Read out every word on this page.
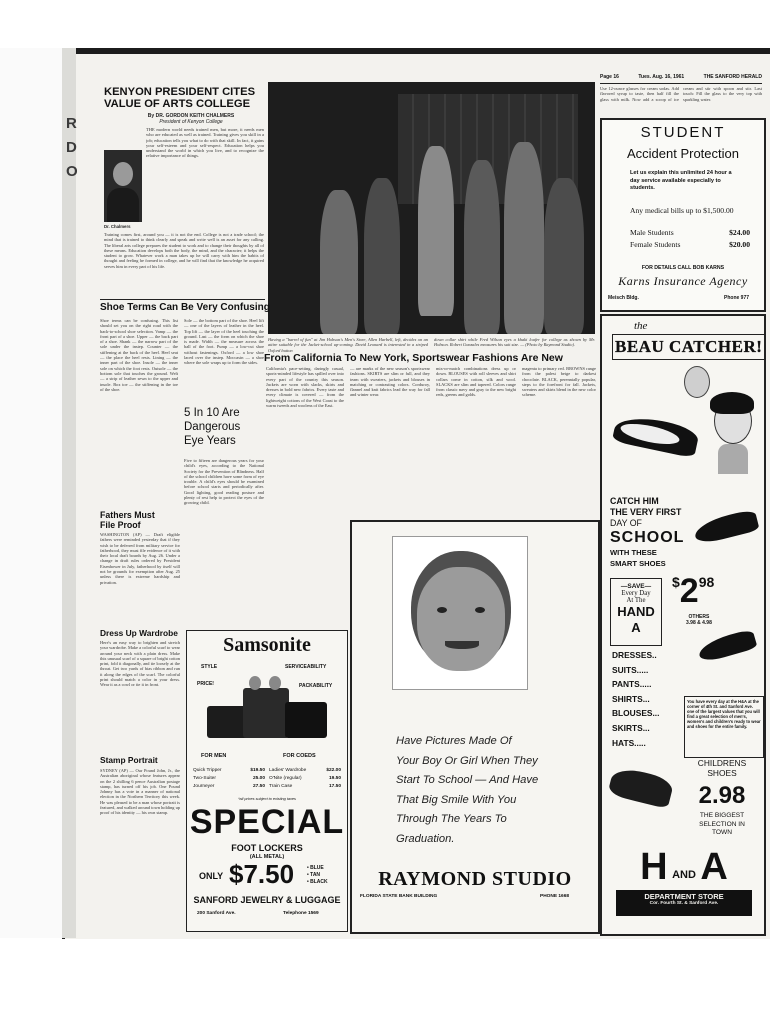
R
D
O
Page 16	Tues. Aug. 16, 1961	THE SANFORD HERALD
Use 12-ounce glasses for cream sodas. Add flavored syrup to taste, then half fill the glass with milk. Now add a scoop of ice cream and stir with spoon and stir. Last touch: Fill the glass to the very top with sparkling water.
KENYON PRESIDENT CITES
VALUE OF ARTS COLLEGE
By DR. GORDON KEITH CHALMERS
President of Kenyon College
Dr. Chalmers
THE modern world needs trained men, but more, it needs men who are educated as well as trained. Training gives you skill in a job; education tells you what to do with that skill. In fact, it gains your self-esteem and your self-respect. Education helps you understand the world in which you live, and to recognize the relative importance of things.
Training comes first, around you — it is not the end. College is not a trade school; the mind that is trained to think clearly and speak and write well is an asset for any calling. The liberal arts college prepares the student to work and to change their thoughts by all of these means. Education develops both the body, the mind, and the character; it helps the student to grow. Whatever work a man takes up he will carry with him the habits of thought and feeling he formed in college, and he will find that the knowledge he acquired serves him in every part of his life.
Having a "barrel of fun" at Jim Hobson's Men's Store, Allen Harbell, left, decides on an attire suitable for the Jacket-school up-coming. David Leonard is interested in a striped Oxford button
down collar shirt while Fred Wilson eyes a khaki loafer for college as shown by Mr. Hobson. Robert Gonzales measures his suit size. — (Photo by Raymond Studio).
Shoe Terms Can Be Very Confusing
Shoe terms can be confusing. This list should set you on the right road with the back-to-school shoe selection. Vamp — the front part of a shoe. Upper — the back part of a shoe. Shank — the narrow part of the sole under the instep. Counter — the stiffening at the back of the heel. Heel seat — the place the heel rests. Lining — the inner part of the shoe. Insole — the inner sole on which the foot rests. Outsole — the bottom sole that touches the ground. Welt — a strip of leather sewn to the upper and insole. Box toe — the stiffening in the toe of the shoe.
Sole — the bottom part of the shoe. Heel lift — one of the layers of leather in the heel. Top lift — the layer of the heel touching the ground. Last — the form on which the shoe is made. Width — the measure across the ball of the foot. Pump — a low-cut shoe without fastenings. Oxford — a low shoe laced over the instep. Moccasin — a shoe where the sole wraps up to form the sides.
5 In 10 Are
Dangerous
Eye Years
Five to fifteen are dangerous years for your child's eyes, according to the National Society for the Prevention of Blindness. Half of the school children have some form of eye trouble. A child's eyes should be examined before school starts and periodically after. Good lighting, good reading posture and plenty of rest help to protect the eyes of the growing child.
Fathers Must
File Proof
WASHINGTON (AP) — Draft eligible fathers were reminded yesterday that if they wish to be deferred from military service for fatherhood, they must file evidence of it with their local draft boards by Aug. 26. Under a change in draft rules ordered by President Eisenhower in July, fatherhood by itself will not be grounds for exemption after Aug. 25 unless there is extreme hardship and privation.
Dress Up Wardrobe
Here's an easy way to brighten and stretch your wardrobe. Make a colorful scarf to wear around your neck with a plain dress. Make this unusual scarf of a square of bright cotton print, fold it diagonally, and tie loosely at the throat. Get two yards of bias ribbon and run it along the edges of the scarf. The colorful print should match a color in your dress. Wear it as a cowl or tie it in front.
Stamp Portrait
SYDNEY (AP) — Our Pound John, Jr., the Australian aboriginal whose features appear on the 2 shilling 6 pence Australian postage stamp, has turned off his job. One Pound Johnny has a vote in a manner of national election in the Northern Territory this week. He was pleased to be a man whose portrait is featured, and walked around town holding up proof of his identity — his own stamp.
Samsonite
STYLE	SERVICEABILITY
PRICE!	PACKABILITY
FOR MEN	FOR COEDS
Quick Tripper	$19.50
Two-Suiter	25.00
Journeyer	27.50
Ladies' Wardrobe	$22.00
O'Nite (regular)	19.50
Train Case	17.50
*all prices subject to existing taxes
SPECIAL
FOOT LOCKERS
(ALL METAL)
ONLY $7.50	• BLUE
• TAN
• BLACK
SANFORD JEWELRY & LUGGAGE
200 Sanford Ave.	Telephone 1569
From California To New York, Sportswear Fashions Are New
California's pace-setting, daringly casual, sports-minded lifestyle has spilled over into every part of the country this season. Jackets are worn with slacks, skirts and dresses in bold new fabrics. Every taste and every climate is covered — from the lightweight cottons of the West Coast to the warm tweeds and woolens of the East.
— are marks of the new season's sportswear fashions. SKIRTS are slim or full, and they team with sweaters, jackets and blouses in matching or contrasting colors. Corduroy, flannel and knit fabrics lead the way for fall and winter wear.
mix-or-match combinations dress up or down. BLOUSES with roll sleeves and shirt collars come in cotton, silk and wool. SLACKS are slim and tapered. Colors range from classic navy and gray to the new bright reds, greens and golds.
magenta to primary red. BROWNS range from the palest beige to darkest chocolate. BLACK, perennially popular, steps to the forefront for fall. Jackets, sweaters and skirts blend in the new color scheme.
Have Pictures Made Of
Your Boy Or Girl When They
Start To School — And Have
That Big Smile With You
Through The Years To
Graduation.
RAYMOND STUDIO
FLORIDA STATE BANK BUILDING	PHONE 1668
STUDENT
Accident Protection
Let us explain this unlimited 24 hour a day service available especially to students.
Any medical bills up to $1,500.00
Male Students	$24.00
Female Students	$20.00
FOR DETAILS CALL BOB KARNS
Karns Insurance Agency
Meisch Bldg.	Phone 977
the
BEAU CATCHER!
CATCH HIM
THE VERY FIRST
DAY OF
SCHOOL
WITH THESE
SMART SHOES
—SAVE—
Every Day
At The
HAND A
$298
OTHERS
3.98 & 4.98
DRESSES..
SUITS.....
PANTS.....
SHIRTS...
BLOUSES...
SKIRTS...
HATS.....
You have every day at the H&A at the corner of 4th St. and Sanford Ave. one of the largest values that you will find a great selection of men's, women's and children's ready to wear and shoes for the entire family.
CHILDRENS
SHOES
2.98
THE BIGGEST
SELECTION IN
TOWN
H AND A
DEPARTMENT STORE
Cor. Fourth St. & Sanford Ave.
